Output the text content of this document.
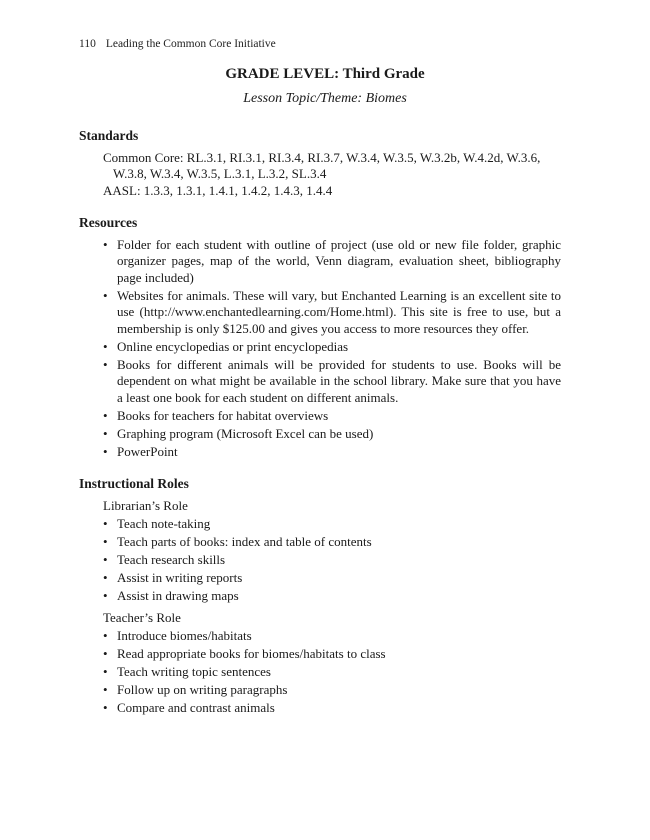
110 Leading the Common Core Initiative
GRADE LEVEL: Third Grade
Lesson Topic/Theme: Biomes
Standards
Common Core: RL.3.1, RI.3.1, RI.3.4, RI.3.7, W.3.4, W.3.5, W.3.2b, W.4.2d, W.3.6, W.3.8, W.3.4, W.3.5, L.3.1, L.3.2, SL.3.4
AASL: 1.3.3, 1.3.1, 1.4.1, 1.4.2, 1.4.3, 1.4.4
Resources
• Folder for each student with outline of project (use old or new file folder, graphic organizer pages, map of the world, Venn diagram, evaluation sheet, bibliography page included)
• Websites for animals. These will vary, but Enchanted Learning is an excellent site to use (http://www.enchantedlearning.com/Home.html). This site is free to use, but a membership is only $125.00 and gives you access to more resources they offer.
• Online encyclopedias or print encyclopedias
• Books for different animals will be provided for students to use. Books will be dependent on what might be available in the school library. Make sure that you have a least one book for each student on different animals.
• Books for teachers for habitat overviews
• Graphing program (Microsoft Excel can be used)
• PowerPoint
Instructional Roles
Librarian’s Role
• Teach note-taking
• Teach parts of books: index and table of contents
• Teach research skills
• Assist in writing reports
• Assist in drawing maps
Teacher’s Role
• Introduce biomes/habitats
• Read appropriate books for biomes/habitats to class
• Teach writing topic sentences
• Follow up on writing paragraphs
• Compare and contrast animals
